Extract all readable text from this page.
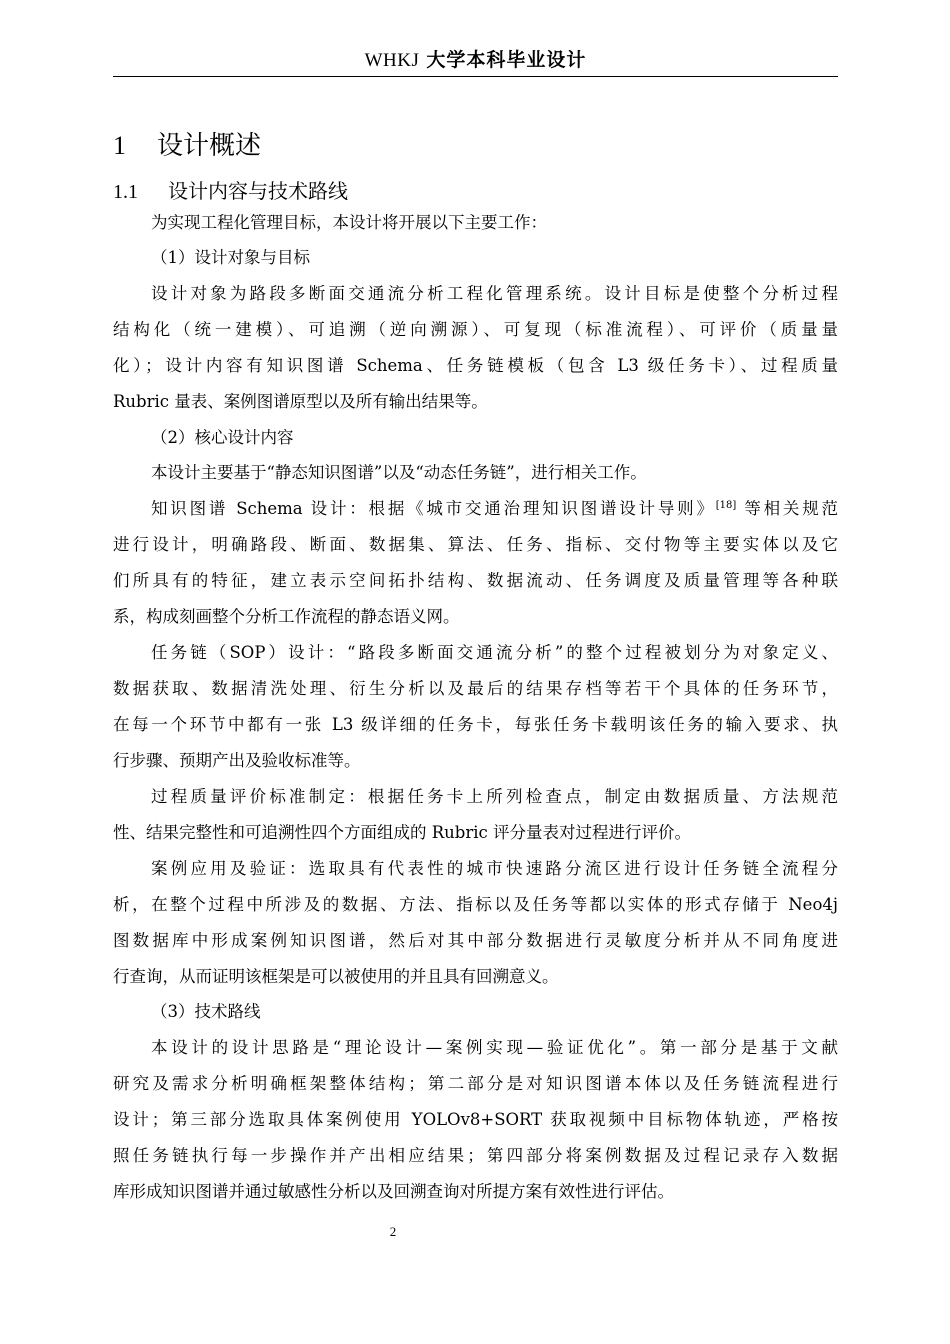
WHKJ 大学本科毕业设计
1 设计概述
1.1 设计内容与技术路线
为实现工程化管理目标，本设计将开展以下主要工作：
（1）设计对象与目标
设计对象为路段多断面交通流分析工程化管理系统。设计目标是使整个分析过程
结构化（统一建模）、可追溯（逆向溯源）、可复现（标准流程）、可评价（质量量
化）；设计内容有知识图谱 Schema、任务链模板（包含 L3 级任务卡）、过程质量
Rubric 量表、案例图谱原型以及所有输出结果等。
（2）核心设计内容
本设计主要基于“静态知识图谱”以及“动态任务链”，进行相关工作。
知识图谱 Schema 设计：根据《城市交通治理知识图谱设计导则》[18] 等相关规范
进行设计，明确路段、断面、数据集、算法、任务、指标、交付物等主要实体以及它
们所具有的特征，建立表示空间拓扑结构、数据流动、任务调度及质量管理等各种联
系，构成刻画整个分析工作流程的静态语义网。
任务链（SOP）设计：“路段多断面交通流分析”的整个过程被划分为对象定义、
数据获取、数据清洗处理、衍生分析以及最后的结果存档等若干个具体的任务环节，
在每一个环节中都有一张 L3 级详细的任务卡，每张任务卡载明该任务的输入要求、执
行步骤、预期产出及验收标准等。
过程质量评价标准制定：根据任务卡上所列检查点，制定由数据质量、方法规范
性、结果完整性和可追溯性四个方面组成的 Rubric 评分量表对过程进行评价。
案例应用及验证：选取具有代表性的城市快速路分流区进行设计任务链全流程分
析，在整个过程中所涉及的数据、方法、指标以及任务等都以实体的形式存储于 Neo4j
图数据库中形成案例知识图谱，然后对其中部分数据进行灵敏度分析并从不同角度进
行查询，从而证明该框架是可以被使用的并且具有回溯意义。
（3）技术路线
本设计的设计思路是“理论设计—案例实现—验证优化”。第一部分是基于文献
研究及需求分析明确框架整体结构；第二部分是对知识图谱本体以及任务链流程进行
设计；第三部分选取具体案例使用 YOLOv8+SORT 获取视频中目标物体轨迹，严格按
照任务链执行每一步操作并产出相应结果；第四部分将案例数据及过程记录存入数据
库形成知识图谱并通过敏感性分析以及回溯查询对所提方案有效性进行评估。
2
